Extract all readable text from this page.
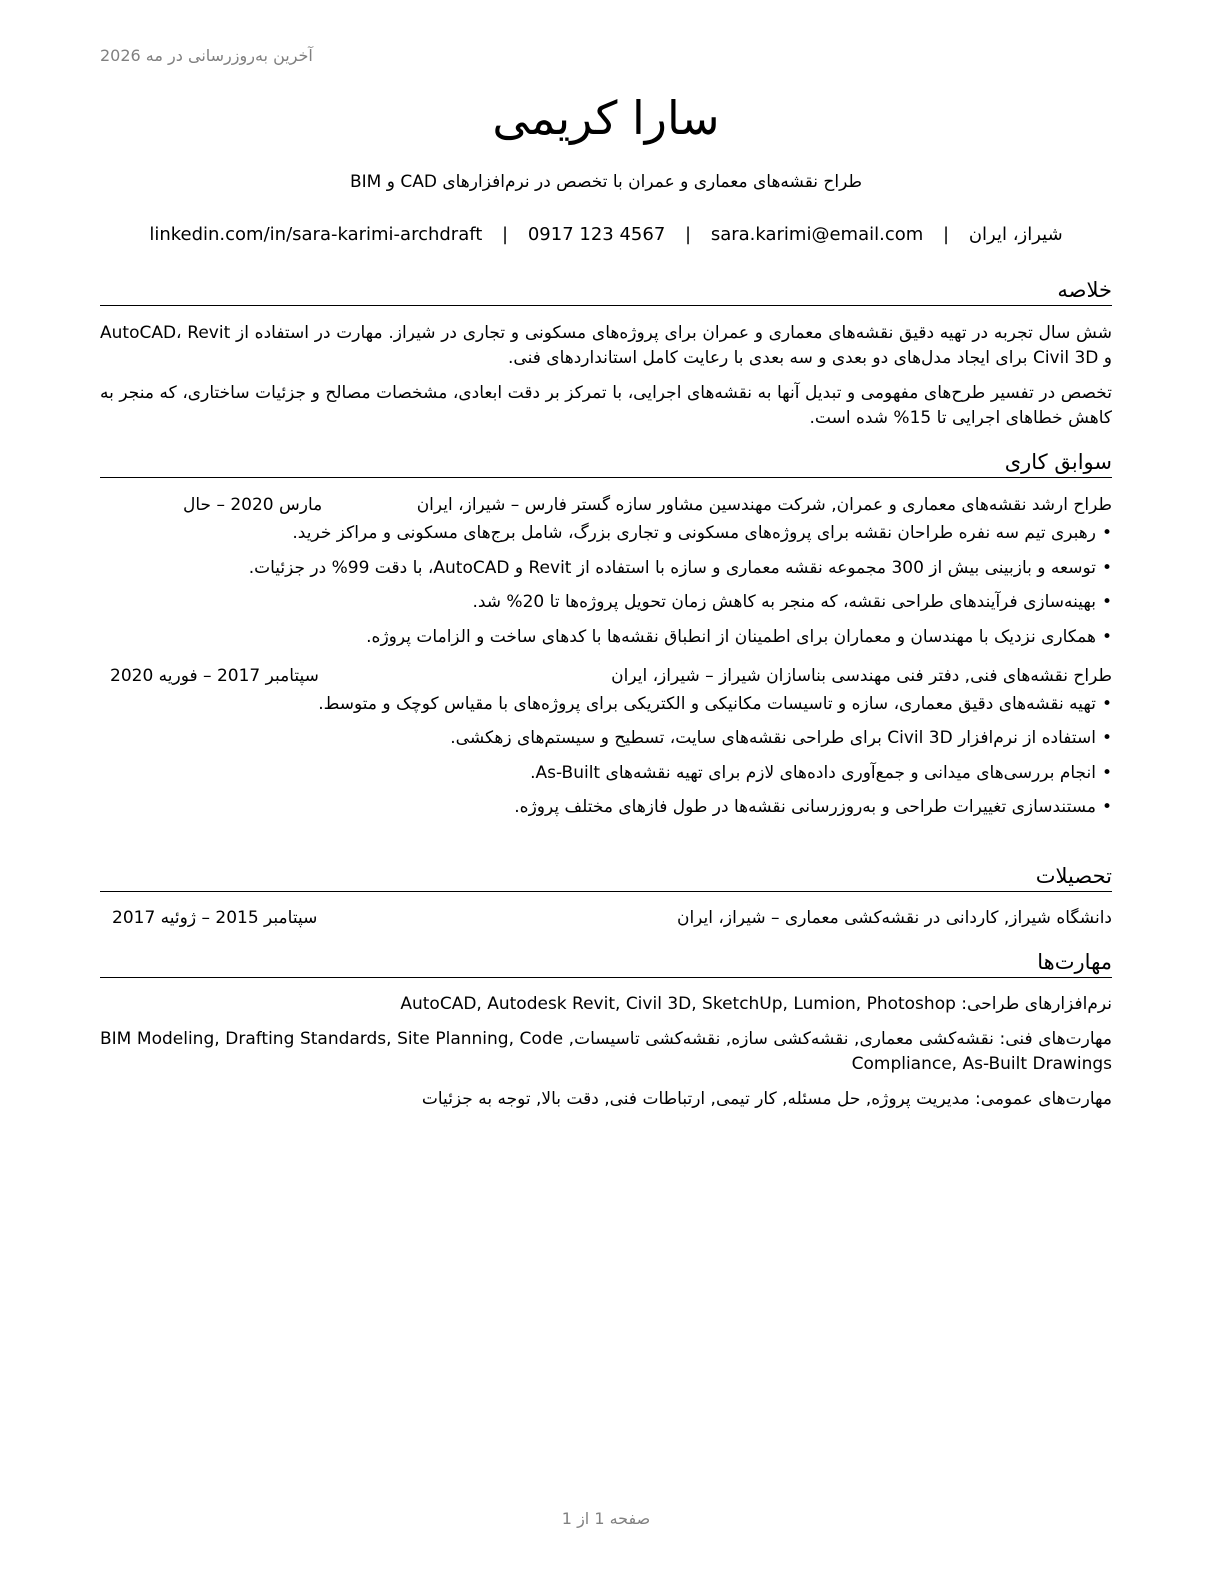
آخرین به‌روزرسانی در مه 2026
سارا کریمی
طراح نقشه‌های معماری و عمران با تخصص در نرم‌افزارهای CAD و BIM
شیراز، ایران | sara.karimi@email.com | 0917 123 4567 | linkedin.com/in/sara-karimi-archdraft
خلاصه

شش سال تجربه در تهیه دقیق نقشه‌های معماری و عمران برای پروژه‌های مسکونی و تجاری در شیراز. مهارت در استفاده از AutoCAD، Revit و Civil 3D برای ایجاد مدل‌های دو بعدی و سه بعدی با رعایت کامل استانداردهای فنی.

تخصص در تفسیر طرح‌های مفهومی و تبدیل آنها به نقشه‌های اجرایی، با تمرکز بر دقت ابعادی، مشخصات مصالح و جزئیات ساختاری، که منجر به کاهش خطاهای اجرایی تا 15% شده است.

سوابق کاری
طراح ارشد نقشه‌های معماری و عمران, شرکت مهندسین مشاور سازه گستر فارس – شیراز، ایران
مارس 2020 – حال
•رهبری تیم سه نفره طراحان نقشه برای پروژه‌های مسکونی و تجاری بزرگ، شامل برج‌های مسکونی و مراکز خرید.
•توسعه و بازبینی بیش از 300 مجموعه نقشه معماری و سازه با استفاده از Revit و AutoCAD، با دقت 99% در جزئیات.
•بهینه‌سازی فرآیندهای طراحی نقشه، که منجر به کاهش زمان تحویل پروژه‌ها تا 20% شد.
•همکاری نزدیک با مهندسان و معماران برای اطمینان از انطباق نقشه‌ها با کدهای ساخت و الزامات پروژه.
طراح نقشه‌های فنی, دفتر فنی مهندسی بناسازان شیراز – شیراز، ایران
سپتامبر 2017 – فوریه 2020
•تهیه نقشه‌های دقیق معماری، سازه و تاسیسات مکانیکی و الکتریکی برای پروژه‌های با مقیاس کوچک و متوسط.
•استفاده از نرم‌افزار Civil 3D برای طراحی نقشه‌های سایت، تسطیح و سیستم‌های زهکشی.
•انجام بررسی‌های میدانی و جمع‌آوری داده‌های لازم برای تهیه نقشه‌های As-Built.
•مستندسازی تغییرات طراحی و به‌روزرسانی نقشه‌ها در طول فازهای مختلف پروژه.
تحصیلات
دانشگاه شیراز, کاردانی در نقشه‌کشی معماری – شیراز، ایران
سپتامبر 2015 – ژوئیه 2017
مهارت‌ها

نرم‌افزارهای طراحی: AutoCAD, Autodesk Revit, Civil 3D, SketchUp, Lumion, Photoshop

مهارت‌های فنی: نقشه‌کشی معماری, نقشه‌کشی سازه, نقشه‌کشی تاسیسات, BIM Modeling, Drafting Standards, Site Planning, Code Compliance, As-Built Drawings

مهارت‌های عمومی: مدیریت پروژه, حل مسئله, کار تیمی, ارتباطات فنی, دقت بالا, توجه به جزئیات

صفحه 1 از 1
